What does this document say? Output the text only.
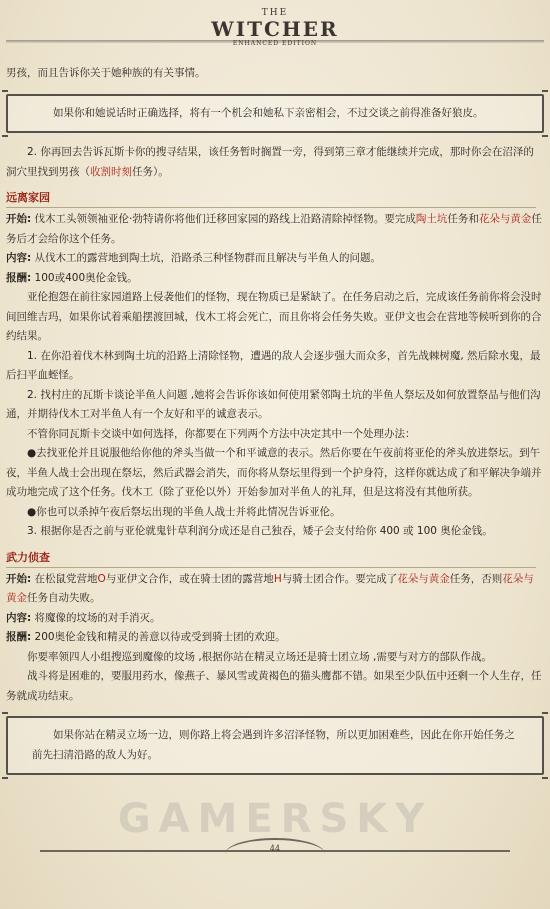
THE
WITCHER
ENHANCED EDITION
GAMERSKY

男孩，而且告诉你关于她种族的有关事情。

如果你和她说话时正确选择，将有一个机会和她私下亲密相会，不过交谈之前得准备好狼皮。

2. 你再回去告诉瓦斯卡你的搜寻结果，该任务暂时搁置一旁，得到第三章才能继续并完成，那时你会在沼泽的洞穴里找到男孩（收割时刻任务）。

远离家园

开始: 伐木工头领领袖亚伦·勃特请你将他们迁移回家园的路线上沿路清除掉怪物。要完成陶土坑任务和花朵与黄金任务后才会给你这个任务。

内容: 从伐木工的露营地到陶土坑，沿路杀三种怪物群而且解决与半鱼人的问题。

报酬: 100或400奥伦金钱。

亚伦抱怨在前往家园道路上侵袭他们的怪物，现在物质已是紧缺了。在任务启动之后，完成该任务前你将会没时间回维吉玛，如果你试着乘船摆渡回城，伐木工将会死亡，而且你将会任务失败。亚伊文也会在营地等候听到你的合约结果。

1. 在你沿着伐木林到陶土坑的沿路上清除怪物，遭遇的敌人会逐步强大而众多，首先战棘树魔, 然后除水鬼，最后扫平血蛭怪。

2. 找村庄的瓦斯卡谈论半鱼人问题 ,她将会告诉你该如何使用紧邻陶土坑的半鱼人祭坛及如何放置祭品与他们沟通，并期待伐木工对半鱼人有一个友好和平的诚意表示。

不管你同瓦斯卡交谈中如何选择，你都要在下列两个方法中决定其中一个处理办法：

●去找亚伦并且说服他给你他的斧头当做一个和平诚意的表示。然后你要在午夜前将亚伦的斧头放进祭坛。到午夜，半鱼人战士会出现在祭坛，然后武器会消失，而你将从祭坛里得到一个护身符，这样你就达成了和平解决争端并成功地完成了这个任务。伐木工（除了亚伦以外）开始参加对半鱼人的礼拜，但是这将没有其他所获。

●你也可以杀掉午夜后祭坛出现的半鱼人战士并将此情况告诉亚伦。

3. 根据你是否之前与亚伦就鬼针草利润分成还是自己独吞，矮子会支付给你 400 或 100 奥伦金钱。

武力侦查

开始: 在松鼠党营地O与亚伊文合作，或在骑士团的露营地H与骑士团合作。要完成了花朵与黄金任务，否则花朵与黄金任务自动失败。

内容: 将魔像的坟场的对手消灭。

报酬: 200奥伦金钱和精灵的善意以待或受到骑士团的欢迎。

你要率领四人小组搜巡到魔像的坟场 ,根据你站在精灵立场还是骑士团立场 ,需要与对方的部队作战。

战斗将是困难的，要服用药水，像燕子、暴风雪或黄褐色的猫头鹰都不错。如果至少队伍中还剩一个人生存，任务就成功结束。

如果你站在精灵立场一边，则你路上将会遇到许多沼泽怪物，所以更加困难些，因此在你开始任务之前先扫清沿路的敌人为好。

44
